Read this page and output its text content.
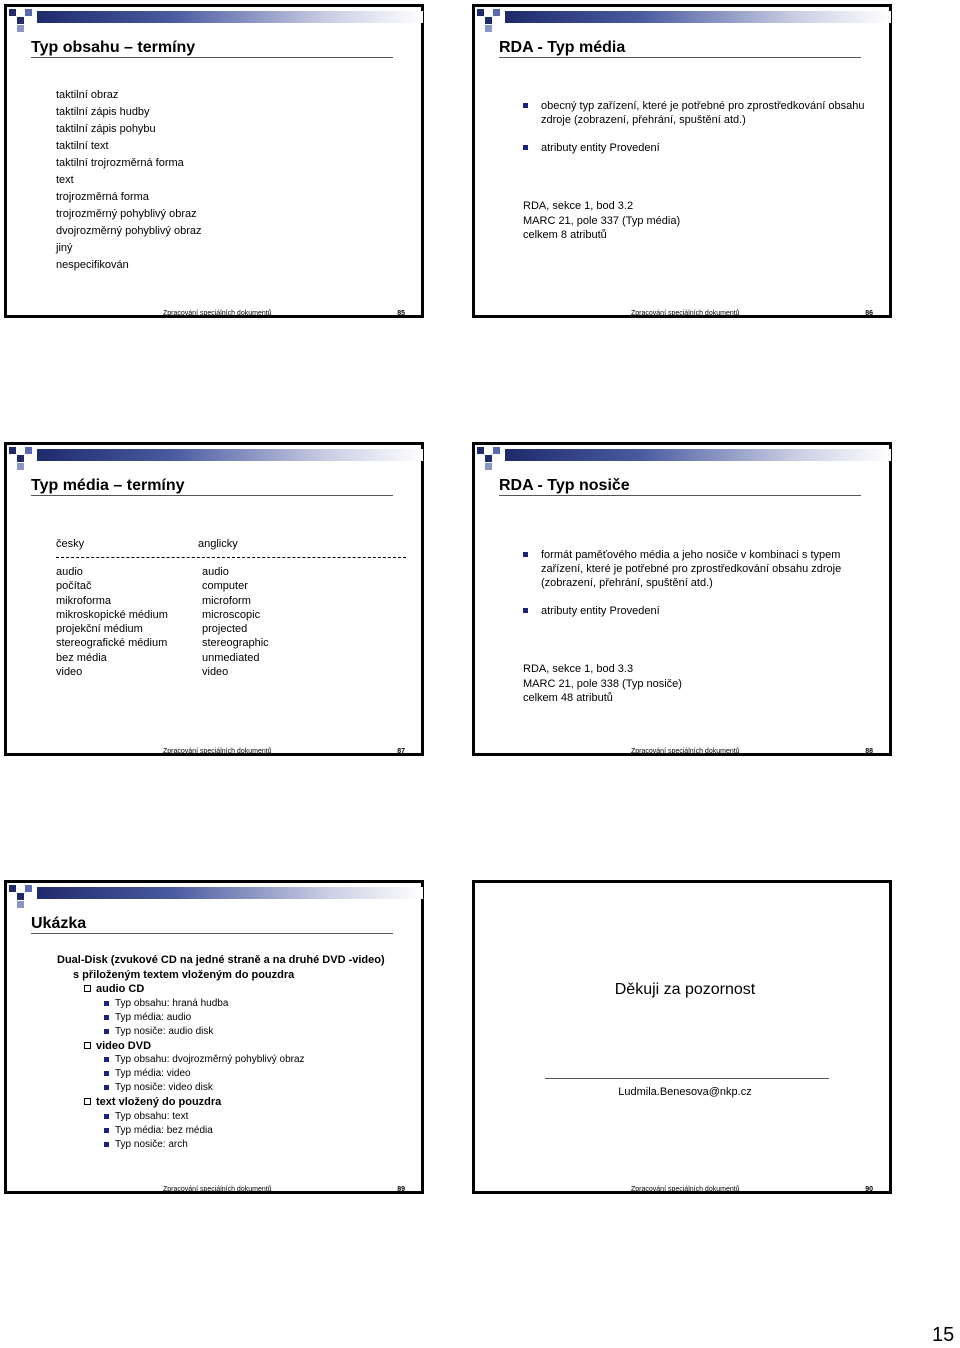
Typ obsahu – termíny
taktilní obraz
taktilní zápis hudby
taktilní zápis pohybu
taktilní text
taktilní trojrozměrná forma
text
trojrozměrná forma
trojrozměrný pohyblivý obraz
dvojrozměrný pohyblivý obraz
jiný
nespecifikován
Zpracování speciálních dokumentů	85
RDA - Typ média
obecný typ zařízení, které je potřebné pro zprostředkování obsahu zdroje (zobrazení, přehrání, spuštění atd.)
atributy entity Provedení
RDA, sekce 1, bod 3.2
MARC 21, pole 337 (Typ média)
celkem 8 atributů
Zpracování speciálních dokumentů	86
Typ média – termíny
česky	anglicky
audio	audio
počítač	computer
mikroforma	microform
mikroskopické médium	microscopic
projekční médium	projected
stereografické médium	stereographic
bez média	unmediated
video	video
Zpracování speciálních dokumentů	87
RDA - Typ nosiče
formát paměťového média a jeho nosiče v kombinaci s typem zařízení, které je potřebné pro zprostředkování obsahu zdroje (zobrazení, přehrání, spuštění atd.)
atributy entity Provedení
RDA, sekce 1, bod 3.3
MARC 21, pole 338 (Typ nosiče)
celkem 48 atributů
Zpracování speciálních dokumentů	88
Ukázka
Dual-Disk (zvukové CD na jedné straně a na druhé DVD -video)
s přiloženým textem vloženým do pouzdra
audio CD
Typ obsahu: hraná hudba
Typ média: audio
Typ nosiče: audio disk
video DVD
Typ obsahu: dvojrozměrný pohyblivý obraz
Typ média: video
Typ nosiče: video disk
text vložený do pouzdra
Typ obsahu: text
Typ média: bez média
Typ nosiče: arch
Zpracování speciálních dokumentů	89
Děkuji za pozornost
Ludmila.Benesova@nkp.cz
Zpracování speciálních dokumentů	90
15
